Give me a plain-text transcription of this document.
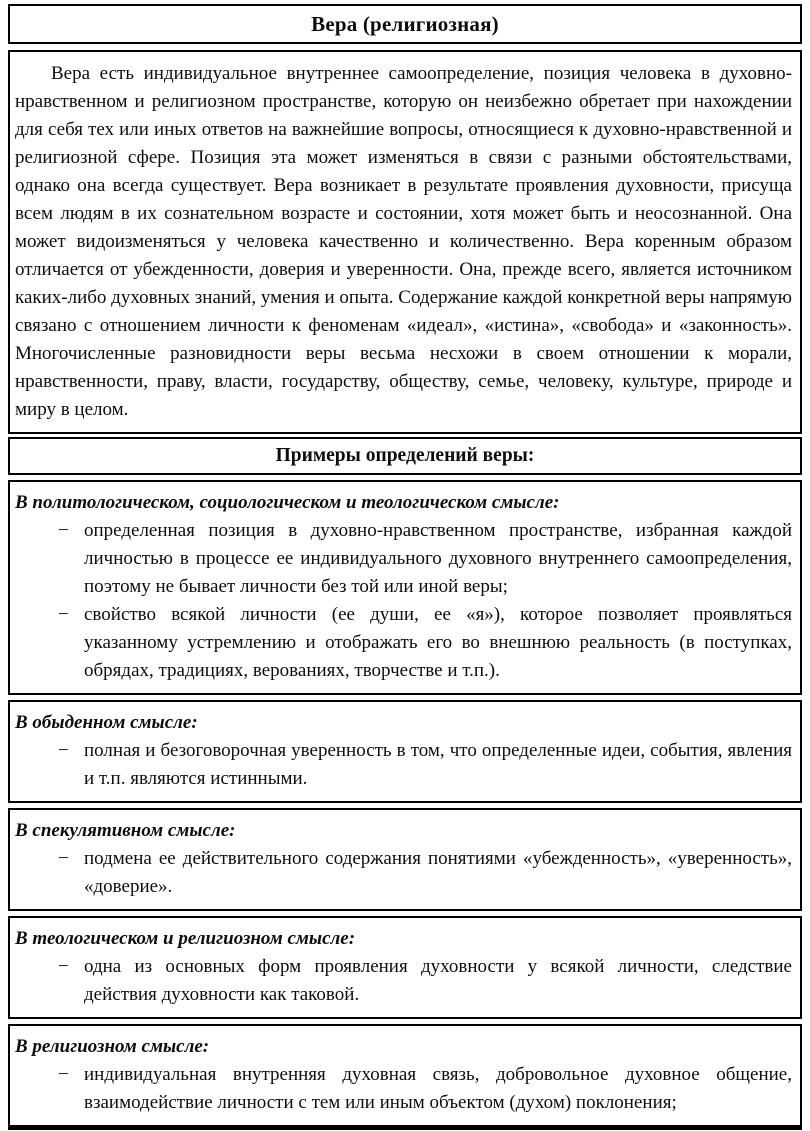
Вера (религиозная)

Вера есть индивидуальное внутреннее самоопределение, позиция человека в духовно-нравственном и религиозном пространстве, которую он неизбежно обретает при нахождении для себя тех или иных ответов на важнейшие вопросы, относящиеся к духовно-нравственной и религиозной сфере. Позиция эта может изменяться в связи с разными обстоятельствами, однако она всегда существует. Вера возникает в результате проявления духовности, присуща всем людям в их сознательном возрасте и состоянии, хотя может быть и неосознанной. Она может видоизменяться у человека качественно и количественно. Вера коренным образом отличается от убежденности, доверия и уверенности. Она, прежде всего, является источником каких-либо духовных знаний, умения и опыта. Содержание каждой конкретной веры напрямую связано с отношением личности к феноменам «идеал», «истина», «свобода» и «законность». Многочисленные разновидности веры весьма несхожи в своем отношении к морали, нравственности, праву, власти, государству, обществу, семье, человеку, культуре, природе и миру в целом.

Примеры определений веры:

В политологическом, социологическом и теологическом смысле:

− определенная позиция в духовно-нравственном пространстве, избранная каждой личностью в процессе ее индивидуального духовного внутреннего самоопределения, поэтому не бывает личности без той или иной веры;

− свойство всякой личности (ее души, ее «я»), которое позволяет проявляться указанному устремлению и отображать его во внешнюю реальность (в поступках, обрядах, традициях, верованиях, творчестве и т.п.).

В обыденном смысле:

− полная и безоговорочная уверенность в том, что определенные идеи, события, явления и т.п. являются истинными.

В спекулятивном смысле:

− подмена ее действительного содержания понятиями «убежденность», «уверенность», «доверие».

В теологическом и религиозном смысле:

− одна из основных форм проявления духовности у всякой личности, следствие действия духовности как таковой.

В религиозном смысле:

− индивидуальная внутренняя духовная связь, добровольное духовное общение, взаимодействие личности с тем или иным объектом (духом) поклонения;
